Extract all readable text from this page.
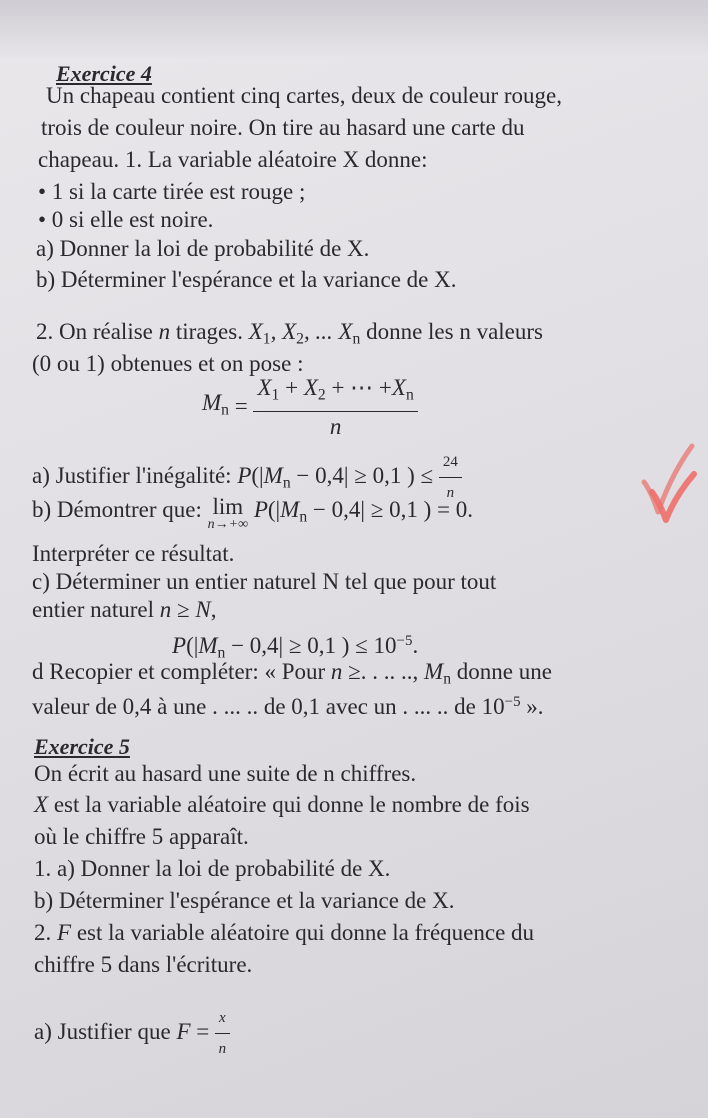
Exercice 4
Un chapeau contient cinq cartes, deux de couleur rouge,
trois de couleur noire. On tire au hasard une carte du
chapeau. 1. La variable aléatoire X donne:
• 1 si la carte tirée est rouge ;
• 0 si elle est noire.
a) Donner la loi de probabilité de X.
b) Déterminer l'espérance et la variance de X.
2. On réalise n tirages. $X_1$, $X_2$, ... $X_n$ donne les n valeurs
(0 ou 1) obtenues et on pose :
$M_n = \frac{X_1 + X_2 + \cdots +X_n}{n}$
a) Justifier l'inégalité: $P(|M_n - 0,4| \ge 0,1$ ) ≤ $\frac{24}{n}$
b) Démontrer que: lim
n→+∞
$P(|M_n - 0,4| \ge 0,1$ ) = 0.
Interpréter ce résultat.
c) Déterminer un entier naturel N tel que pour tout
entier naturel n ≥ N,
$P(|M_n - 0,4| \ge 0,1$ ) ≤ $10^{-5}$.
d Recopier et compléter: « Pour n ≥. . .. .., $M_n$ donne une
valeur de 0,4 à une . ... .. de 0,1 avec un . ... .. de $10^{-5}$ ».
Exercice 5
On écrit au hasard une suite de n chiffres.
X est la variable aléatoire qui donne le nombre de fois
où le chiffre 5 apparaît.
1. a) Donner la loi de probabilité de X.
b) Déterminer l'espérance et la variance de X.
2. F est la variable aléatoire qui donne la fréquence du
chiffre 5 dans l'écriture.
a) Justifier que $F = \frac{x}{n}$
